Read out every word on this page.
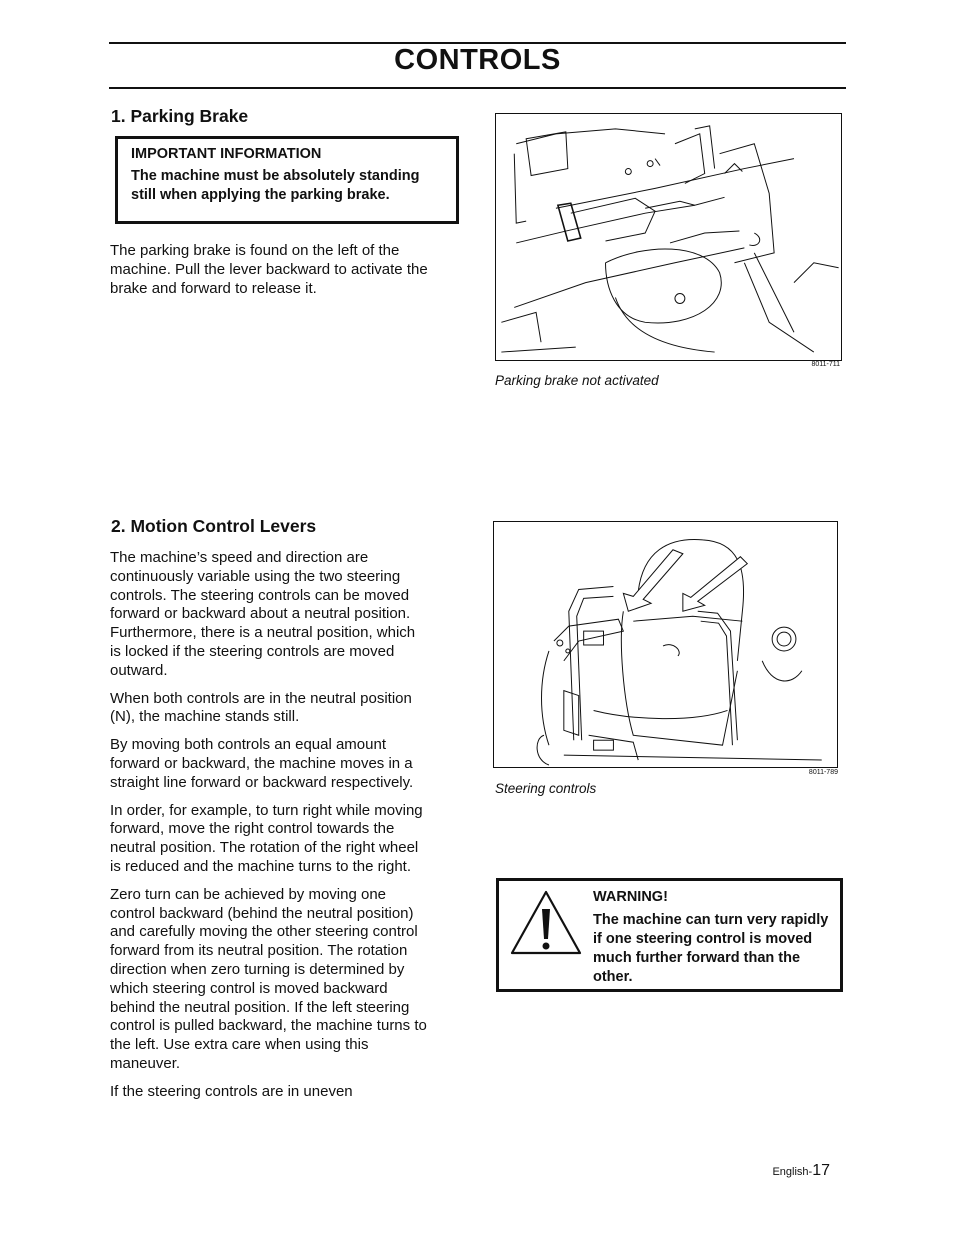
CONTROLS
1. Parking Brake
IMPORTANT INFORMATION
The machine must be absolutely standing still when applying the parking brake.

The parking brake is found on the left of the machine. Pull the lever backward to activate the brake and forward to release it.

8011-711
Parking brake not activated
2. Motion Control Levers

The machine’s speed and direction are continuously variable using the two steering controls. The steering controls can be moved forward or backward about a neutral position. Furthermore, there is a neutral position, which is locked if the steering controls are moved outward.

When both controls are in the neutral position (N), the machine stands still.

By moving both controls an equal amount forward or backward, the machine moves in a straight line forward or backward respectively.

In order, for example, to turn right while moving forward, move the right control towards the neutral position. The rotation of the right wheel is reduced and the machine turns to the right.

Zero turn can be achieved by moving one control backward (behind the neutral position) and carefully moving the other steering control forward from its neutral position. The rotation direction when zero turning is determined by which steering control is moved backward behind the neutral position. If the left steering control is pulled backward, the machine turns to the left. Use extra care when using this maneuver.

If the steering controls are in uneven

8011-789
Steering controls
WARNING!
The machine can turn very rapidly if one steering control is moved much further forward than the other.
English-17
